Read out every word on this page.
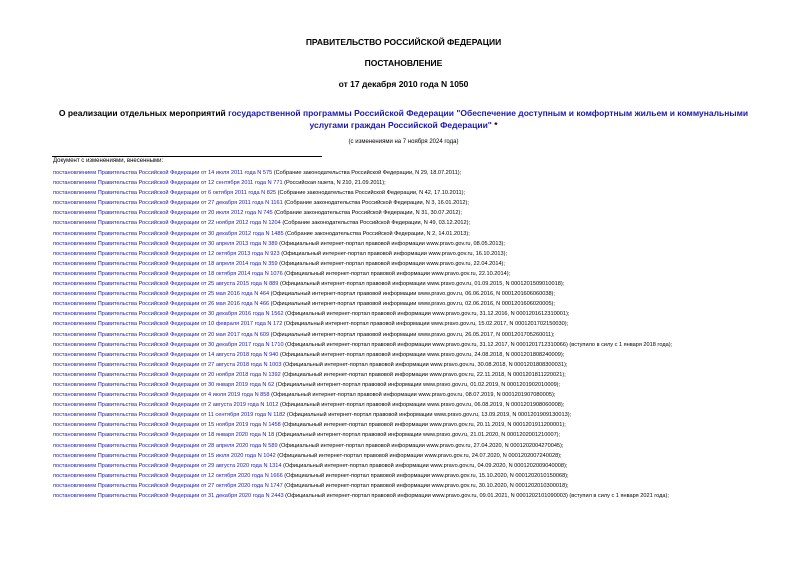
ПРАВИТЕЛЬСТВО РОССИЙСКОЙ ФЕДЕРАЦИИ
ПОСТАНОВЛЕНИЕ
от 17 декабря 2010 года N 1050
О реализации отдельных мероприятий государственной программы Российской Федерации "Обеспечение доступным и комфортным жильем и коммунальными услугами граждан Российской Федерации" *
(с изменениями на 7 ноября 2024 года)
Документ с изменениями, внесенными:
постановлением Правительства Российской Федерации от 14 июля 2011 года N 575 (Собрание законодательства Российской Федерации, N 29, 18.07.2011);
постановлением Правительства Российской Федерации от 12 сентября 2011 года N 771 (Российская газета, N 210, 21.09.2011);
постановлением Правительства Российской Федерации от 6 октября 2011 года N 825 (Собрание законодательства Российской Федерации, N 42, 17.10.2011);
постановлением Правительства Российской Федерации от 27 декабря 2011 года N 1161 (Собрание законодательства Российской Федерации, N 3, 16.01.2012);
постановлением Правительства Российской Федерации от 20 июля 2012 года N 745 (Собрание законодательства Российской Федерации, N 31, 30.07.2012);
постановлением Правительства Российской Федерации от 22 ноября 2012 года N 1204 (Собрание законодательства Российской Федерации, N 49, 03.12.2012);
постановлением Правительства Российской Федерации от 30 декабря 2012 года N 1485 (Собрание законодательства Российской Федерации, N 2, 14.01.2013);
постановлением Правительства Российской Федерации от 30 апреля 2013 года N 389 (Официальный интернет-портал правовой информации www.pravo.gov.ru, 08.05.2013);
постановлением Правительства Российской Федерации от 12 октября 2013 года N 923 (Официальный интернет-портал правовой информации www.pravo.gov.ru, 16.10.2013);
постановлением Правительства Российской Федерации от 18 апреля 2014 года N 359 (Официальный интернет-портал правовой информации www.pravo.gov.ru, 22.04.2014);
постановлением Правительства Российской Федерации от 18 октября 2014 года N 1076 (Официальный интернет-портал правовой информации www.pravo.gov.ru, 22.10.2014);
постановлением Правительства Российской Федерации от 25 августа 2015 года N 889 (Официальный интернет-портал правовой информации www.pravo.gov.ru, 01.09.2015, N 0001201509010018);
постановлением Правительства Российской Федерации от 25 мая 2016 года N 464 (Официальный интернет-портал правовой информации www.pravo.gov.ru, 06.06.2016, N 0001201606060038);
постановлением Правительства Российской Федерации от 26 мая 2016 года N 466 (Официальный интернет-портал правовой информации www.pravo.gov.ru, 02.06.2016, N 0001201606020005);
постановлением Правительства Российской Федерации от 30 декабря 2016 года N 1562 (Официальный интернет-портал правовой информации www.pravo.gov.ru, 31.12.2016, N 0001201612310001);
постановлением Правительства Российской Федерации от 10 февраля 2017 года N 172 (Официальный интернет-портал правовой информации www.pravo.gov.ru, 15.02.2017, N 0001201702150030);
постановлением Правительства Российской Федерации от 20 мая 2017 года N 609 (Официальный интернет-портал правовой информации www.pravo.gov.ru, 26.05.2017, N 0001201705260011);
постановлением Правительства Российской Федерации от 30 декабря 2017 года N 1710 (Официальный интернет-портал правовой информации www.pravo.gov.ru, 31.12.2017, N 0001201712310066) (вступило в силу с 1 января 2018 года);
постановлением Правительства Российской Федерации от 14 августа 2018 года N 940 (Официальный интернет-портал правовой информации www.pravo.gov.ru, 24.08.2018, N 0001201808240009);
постановлением Правительства Российской Федерации от 27 августа 2018 года N 1003 (Официальный интернет-портал правовой информации www.pravo.gov.ru, 30.08.2018, N 0001201808300031);
постановлением Правительства Российской Федерации от 20 ноября 2018 года N 1392 (Официальный интернет-портал правовой информации www.pravo.gov.ru, 22.11.2018, N 0001201811220021);
постановлением Правительства Российской Федерации от 30 января 2019 года N 62 (Официальный интернет-портал правовой информации www.pravo.gov.ru, 01.02.2019, N 0001201902010009);
постановлением Правительства Российской Федерации от 4 июля 2019 года N 858 (Официальный интернет-портал правовой информации www.pravo.gov.ru, 08.07.2019, N 0001201907080005);
постановлением Правительства Российской Федерации от 2 августа 2019 года N 1012 (Официальный интернет-портал правовой информации www.pravo.gov.ru, 06.08.2019, N 0001201908060008);
постановлением Правительства Российской Федерации от 11 сентября 2019 года N 1182 (Официальный интернет-портал правовой информации www.pravo.gov.ru, 13.09.2019, N 0001201909130013);
постановлением Правительства Российской Федерации от 15 ноября 2019 года N 1458 (Официальный интернет-портал правовой информации www.pravo.gov.ru, 20.11.2019, N 0001201911200001);
постановлением Правительства Российской Федерации от 18 января 2020 года N 18 (Официальный интернет-портал правовой информации www.pravo.gov.ru, 21.01.2020, N 0001202001210007);
постановлением Правительства Российской Федерации от 28 апреля 2020 года N 589 (Официальный интернет-портал правовой информации www.pravo.gov.ru, 27.04.2020, N 0001202004270045);
постановлением Правительства Российской Федерации от 15 июля 2020 года N 1042 (Официальный интернет-портал правовой информации www.pravo.gov.ru, 24.07.2020, N 0001202007240028);
постановлением Правительства Российской Федерации от 29 августа 2020 года N 1314 (Официальный интернет-портал правовой информации www.pravo.gov.ru, 04.09.2020, N 0001202009040008);
постановлением Правительства Российской Федерации от 12 октября 2020 года N 1666 (Официальный интернет-портал правовой информации www.pravo.gov.ru, 15.10.2020, N 0001202010150068);
постановлением Правительства Российской Федерации от 27 октября 2020 года N 1747 (Официальный интернет-портал правовой информации www.pravo.gov.ru, 30.10.2020, N 0001202010300018);
постановлением Правительства Российской Федерации от 31 декабря 2020 года N 2443 (Официальный интернет-портал правовой информации www.pravo.gov.ru, 09.01.2021, N 0001202101090003) (вступил в силу с 1 января 2021 года);
